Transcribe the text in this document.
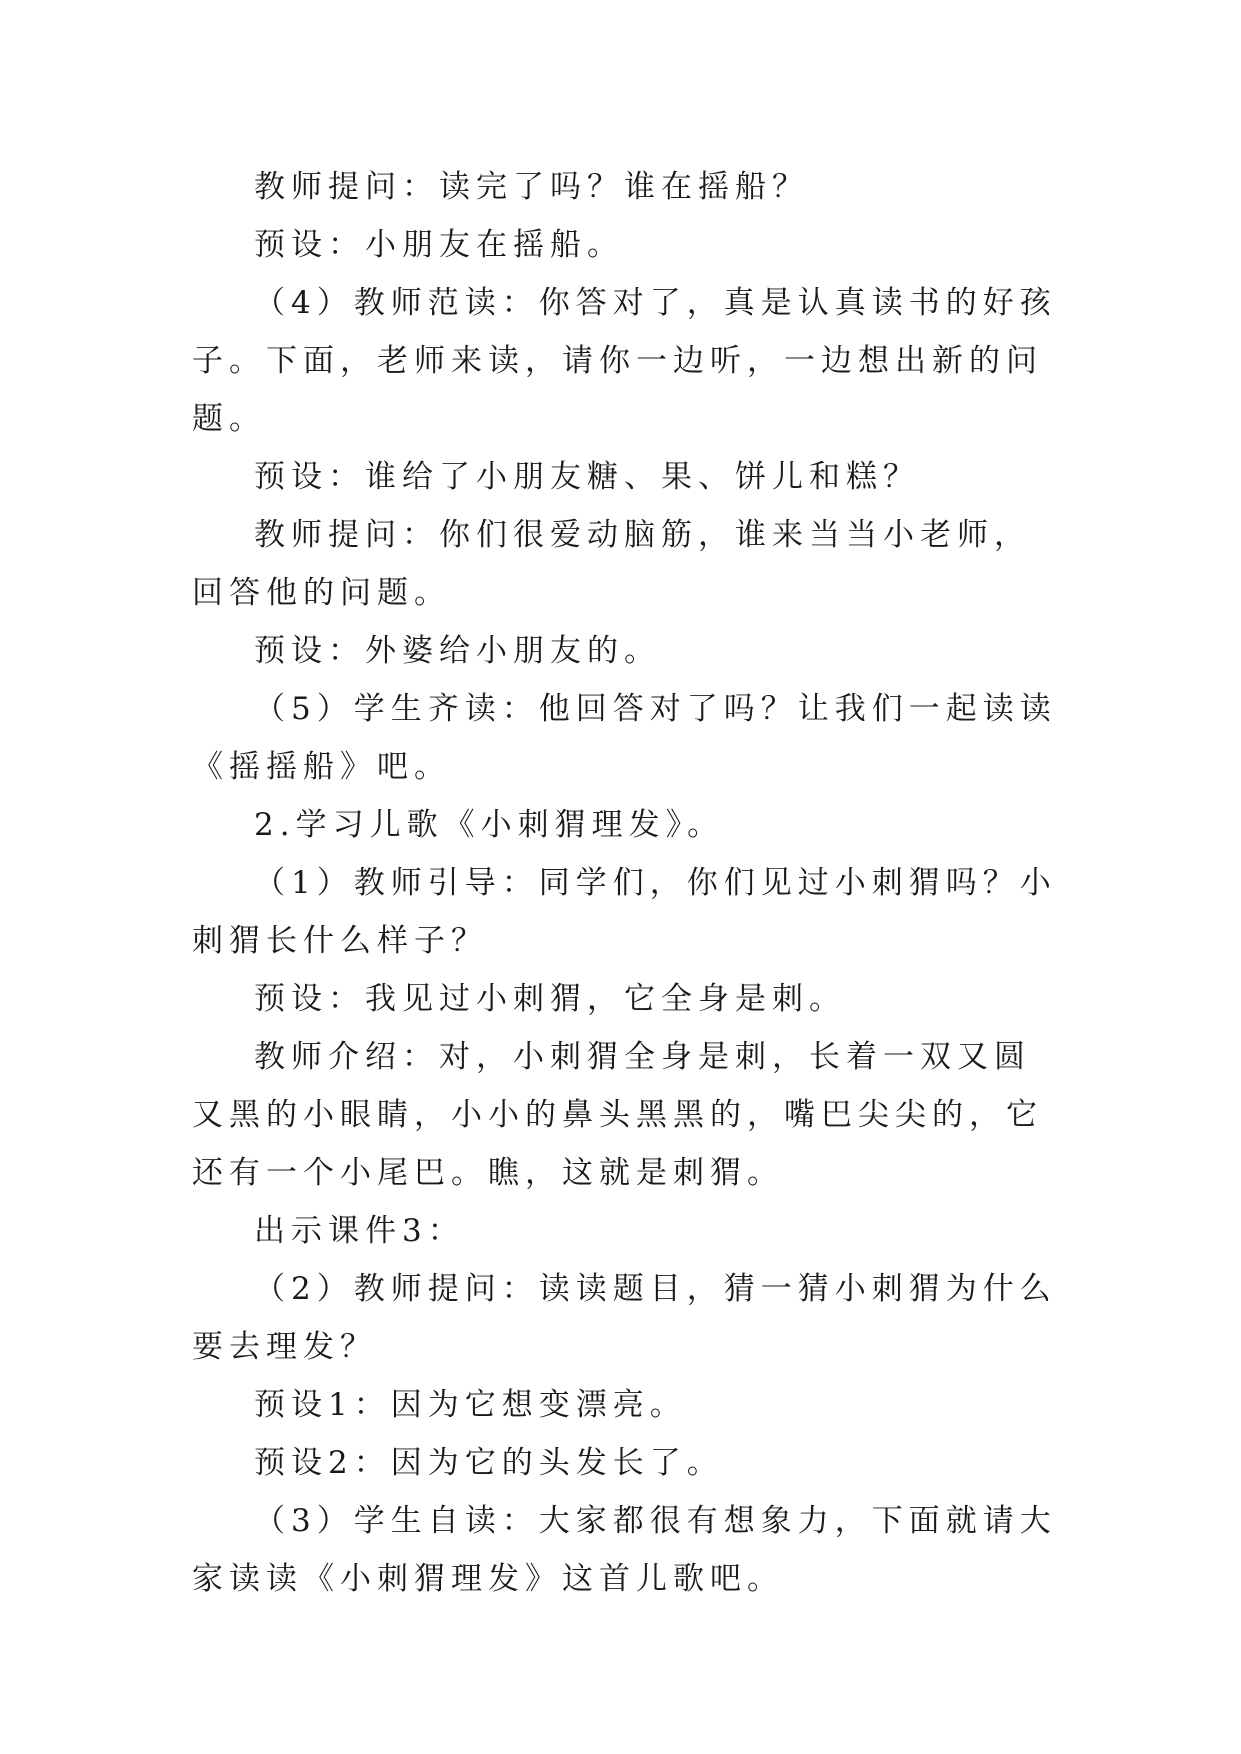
教师提问：读完了吗？谁在摇船？

预设：小朋友在摇船。

（4）教师范读：你答对了，真是认真读书的好孩子。下面，老师来读，请你一边听，一边想出新的问题。

预设：谁给了小朋友糖、果、饼儿和糕？

教师提问：你们很爱动脑筋，谁来当当小老师，回答他的问题。

预设：外婆给小朋友的。

（5）学生齐读：他回答对了吗？让我们一起读读《摇摇船》吧。

2.学习儿歌《小刺猬理发》。

（1）教师引导：同学们，你们见过小刺猬吗？小刺猬长什么样子？

预设：我见过小刺猬，它全身是刺。

教师介绍：对，小刺猬全身是刺，长着一双又圆又黑的小眼睛，小小的鼻头黑黑的，嘴巴尖尖的，它还有一个小尾巴。瞧，这就是刺猬。

出示课件3：

（2）教师提问：读读题目，猜一猜小刺猬为什么要去理发？

预设1：因为它想变漂亮。

预设2：因为它的头发长了。

（3）学生自读：大家都很有想象力，下面就请大家读读《小刺猬理发》这首儿歌吧。
